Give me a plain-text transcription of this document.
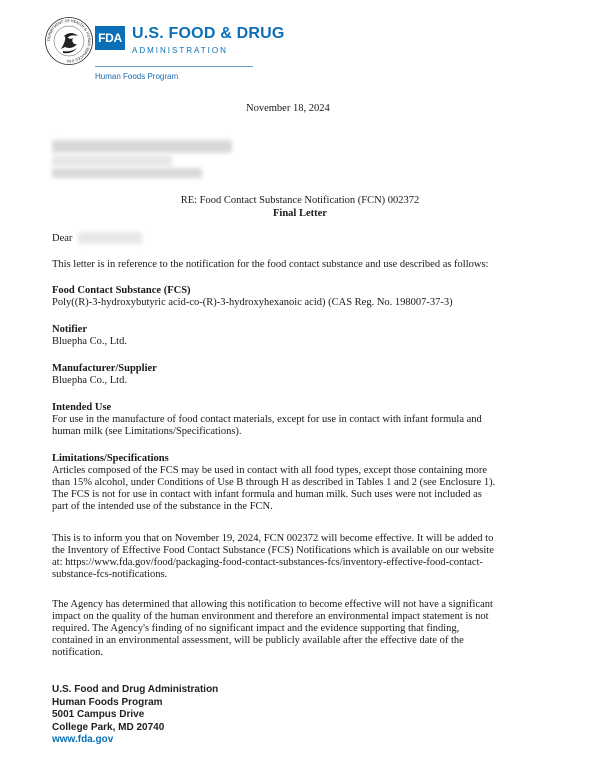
DEPARTMENT OF HEALTH & HUMAN SERVICES USA
FDA U.S. FOOD & DRUG
ADMINISTRATION
Human Foods Program
November 18, 2024
RE: Food Contact Substance Notification (FCN) 002372
Final Letter
Dear
This letter is in reference to the notification for the food contact substance and use described as follows:
Food Contact Substance (FCS)
Poly((R)-3-hydroxybutyric acid-co-(R)-3-hydroxyhexanoic acid) (CAS Reg. No. 198007-37-3)
Notifier
Bluepha Co., Ltd.
Manufacturer/Supplier
Bluepha Co., Ltd.
Intended Use
For use in the manufacture of food contact materials, except for use in contact with infant formula and
human milk (see Limitations/Specifications).
Limitations/Specifications
Articles composed of the FCS may be used in contact with all food types, except those containing more
than 15% alcohol, under Conditions of Use B through H as described in Tables 1 and 2 (see Enclosure 1).
The FCS is not for use in contact with infant formula and human milk. Such uses were not included as
part of the intended use of the substance in the FCN.
This is to inform you that on November 19, 2024, FCN 002372 will become effective. It will be added to
the Inventory of Effective Food Contact Substance (FCS) Notifications which is available on our website
at: https://www.fda.gov/food/packaging-food-contact-substances-fcs/inventory-effective-food-contact-
substance-fcs-notifications.
The Agency has determined that allowing this notification to become effective will not have a significant
impact on the quality of the human environment and therefore an environmental impact statement is not
required. The Agency's finding of no significant impact and the evidence supporting that finding,
contained in an environmental assessment, will be publicly available after the effective date of the
notification.
U.S. Food and Drug Administration
Human Foods Program
5001 Campus Drive
College Park, MD 20740
www.fda.gov
